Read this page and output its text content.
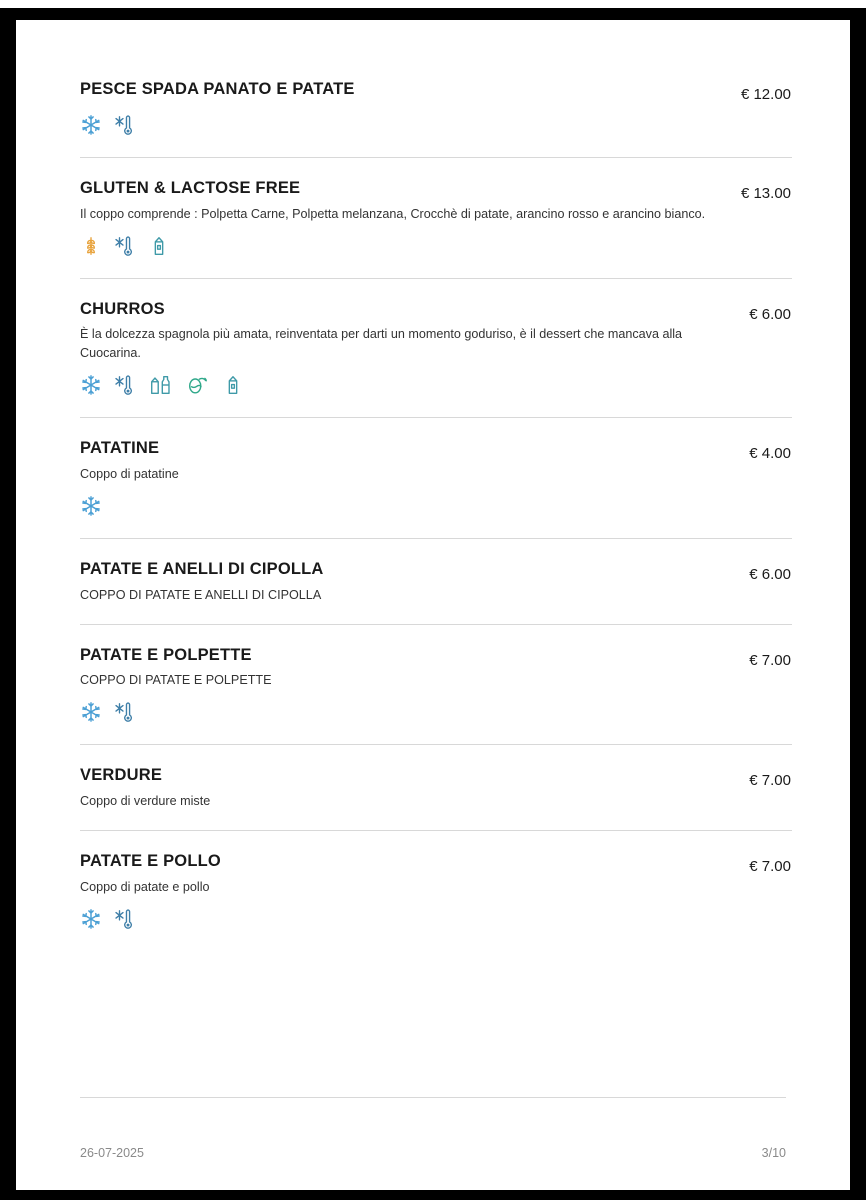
PESCE SPADA PANATO E PATATE	€ 12.00
GLUTEN & LACTOSE FREE
Il coppo comprende : Polpetta Carne, Polpetta melanzana, Crocchè di patate, arancino rosso e arancino bianco.
€ 13.00
CHURROS
È la dolcezza spagnola più amata, reinventata per darti un momento goduriso, è il dessert che mancava alla Cuocarina.
€ 6.00
PATATINE
Coppo di patatine
€ 4.00
PATATE E ANELLI DI CIPOLLA
COPPO DI PATATE E ANELLI DI CIPOLLA
€ 6.00
PATATE E POLPETTE
COPPO DI PATATE E POLPETTE
€ 7.00
VERDURE
Coppo di verdure miste
€ 7.00
PATATE E POLLO
Coppo di patate e pollo
€ 7.00
26-07-2025	3/10
